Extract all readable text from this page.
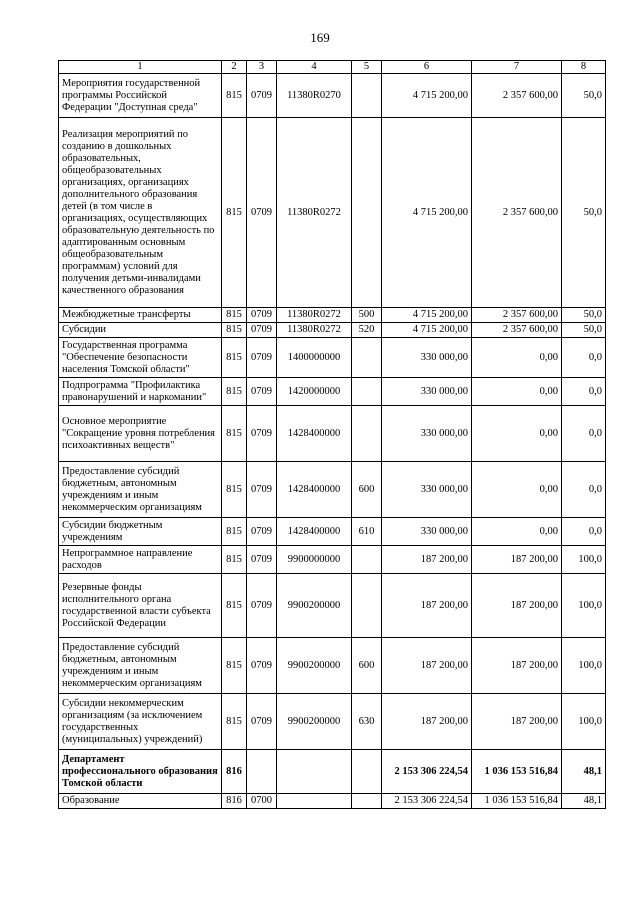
169
1	2	3	4	5	6	7	8
Мероприятия государственной программы Российской Федерации "Доступная среда"	815	0709	11380R0270		4 715 200,00	2 357 600,00	50,0
Реализация мероприятий по созданию в дошкольных образовательных, общеобразовательных организациях, организациях дополнительного образования детей (в том числе в организациях, осуществляющих образовательную деятельность по адаптированным основным общеобразовательным программам) условий для получения детьми-инвалидами качественного образования	815	0709	11380R0272		4 715 200,00	2 357 600,00	50,0
Межбюджетные трансферты	815	0709	11380R0272	500	4 715 200,00	2 357 600,00	50,0
Субсидии	815	0709	11380R0272	520	4 715 200,00	2 357 600,00	50,0
Государственная программа "Обеспечение безопасности населения Томской области"	815	0709	1400000000		330 000,00	0,00	0,0
Подпрограмма "Профилактика правонарушений и наркомании"	815	0709	1420000000		330 000,00	0,00	0,0
Основное мероприятие "Сокращение уровня потребления психоактивных веществ"	815	0709	1428400000		330 000,00	0,00	0,0
Предоставление субсидий бюджетным, автономным учреждениям и иным некоммерческим организациям	815	0709	1428400000	600	330 000,00	0,00	0,0
Субсидии бюджетным учреждениям	815	0709	1428400000	610	330 000,00	0,00	0,0
Непрограммное направление расходов	815	0709	9900000000		187 200,00	187 200,00	100,0
Резервные фонды исполнительного органа государственной власти субъекта Российской Федерации	815	0709	9900200000		187 200,00	187 200,00	100,0
Предоставление субсидий бюджетным, автономным учреждениям и иным некоммерческим организациям	815	0709	9900200000	600	187 200,00	187 200,00	100,0
Субсидии некоммерческим организациям (за исключением государственных (муниципальных) учреждений)	815	0709	9900200000	630	187 200,00	187 200,00	100,0
Департамент профессионального образования Томской области	816				2 153 306 224,54	1 036 153 516,84	48,1
Образование	816	0700			2 153 306 224,54	1 036 153 516,84	48,1
